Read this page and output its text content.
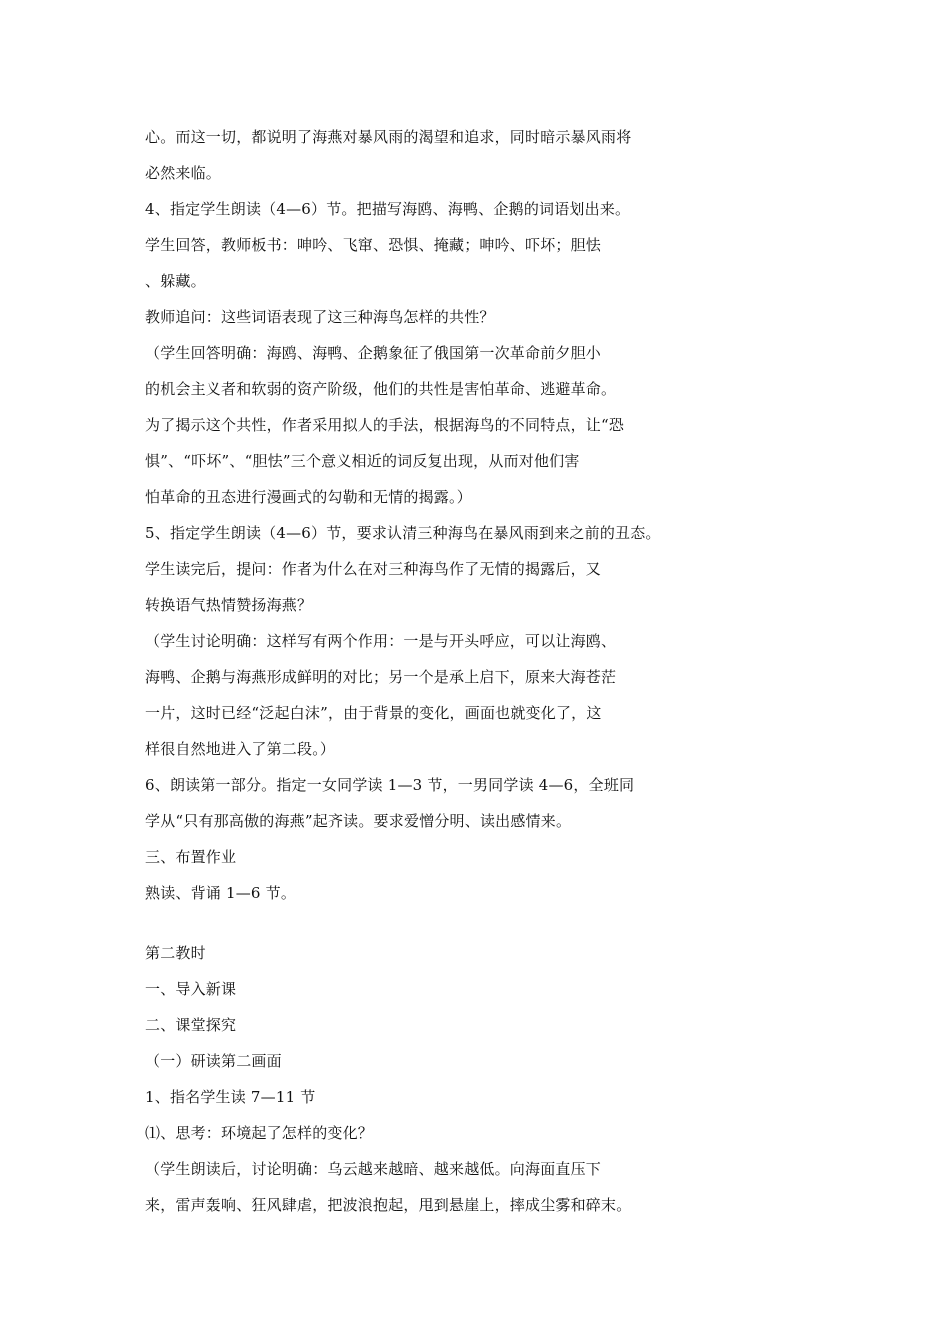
心。而这一切，都说明了海燕对暴风雨的渴望和追求，同时暗示暴风雨将
必然来临。
4、指定学生朗读（4—6）节。把描写海鸥、海鸭、企鹅的词语划出来。
学生回答，教师板书：呻吟、飞窜、恐惧、掩藏；呻吟、吓坏；胆怯
、躲藏。
教师追问：这些词语表现了这三种海鸟怎样的共性？
（学生回答明确：海鸥、海鸭、企鹅象征了俄国第一次革命前夕胆小
的机会主义者和软弱的资产阶级，他们的共性是害怕革命、逃避革命。
为了揭示这个共性，作者采用拟人的手法，根据海鸟的不同特点，让“恐
惧”、“吓坏”、“胆怯”三个意义相近的词反复出现，从而对他们害
怕革命的丑态进行漫画式的勾勒和无情的揭露。）
5、指定学生朗读（4—6）节，要求认清三种海鸟在暴风雨到来之前的丑态。
学生读完后，提问：作者为什么在对三种海鸟作了无情的揭露后，又
转换语气热情赞扬海燕？
（学生讨论明确：这样写有两个作用：一是与开头呼应，可以让海鸥、
海鸭、企鹅与海燕形成鲜明的对比；另一个是承上启下，原来大海苍茫
一片，这时已经“泛起白沫”，由于背景的变化，画面也就变化了，这
样很自然地进入了第二段。）
6、朗读第一部分。指定一女同学读 1—3 节，一男同学读 4—6，全班同
学从“只有那高傲的海燕”起齐读。要求爱憎分明、读出感情来。
三、布置作业
熟读、背诵 1—6 节。
第二教时
一、导入新课
二、课堂探究
（一）研读第二画面
1、指名学生读 7—11 节
⑴、思考：环境起了怎样的变化？
（学生朗读后，讨论明确：乌云越来越暗、越来越低。向海面直压下
来，雷声轰响、狂风肆虐，把波浪抱起，甩到悬崖上，摔成尘雾和碎末。
